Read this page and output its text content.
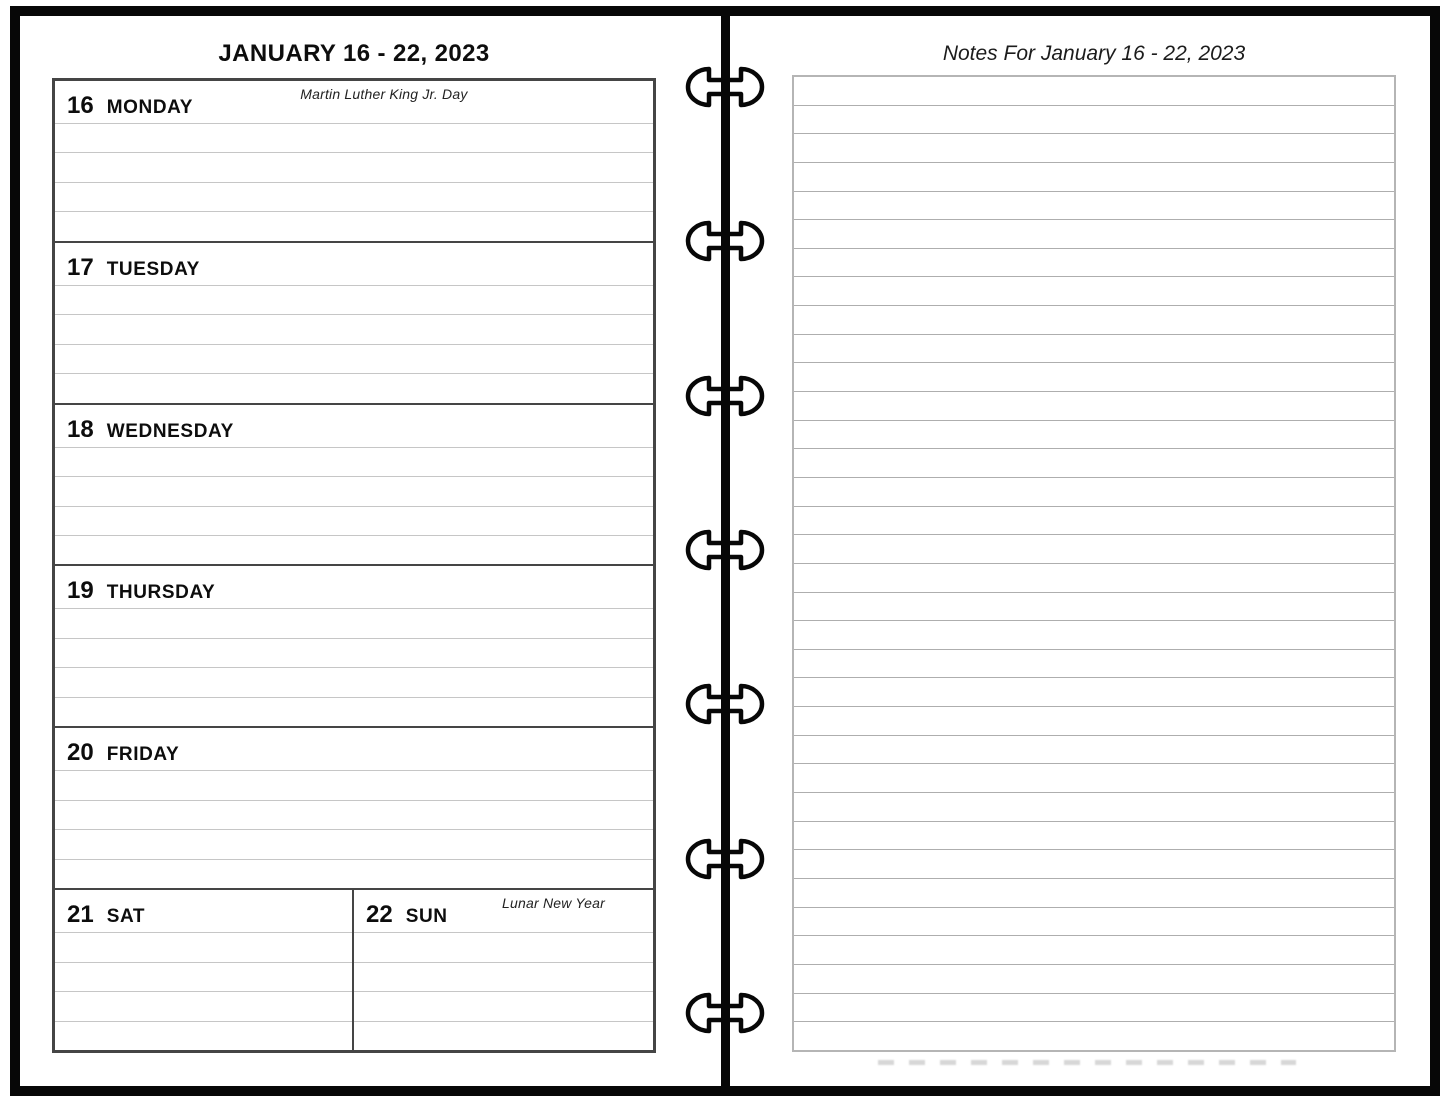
JANUARY 16 - 22, 2023
16 MONDAY
Martin Luther King Jr. Day
17 TUESDAY
18 WEDNESDAY
19 THURSDAY
20 FRIDAY
21 SAT	22 SUN
Lunar New Year
Notes For January 16 - 22, 2023
